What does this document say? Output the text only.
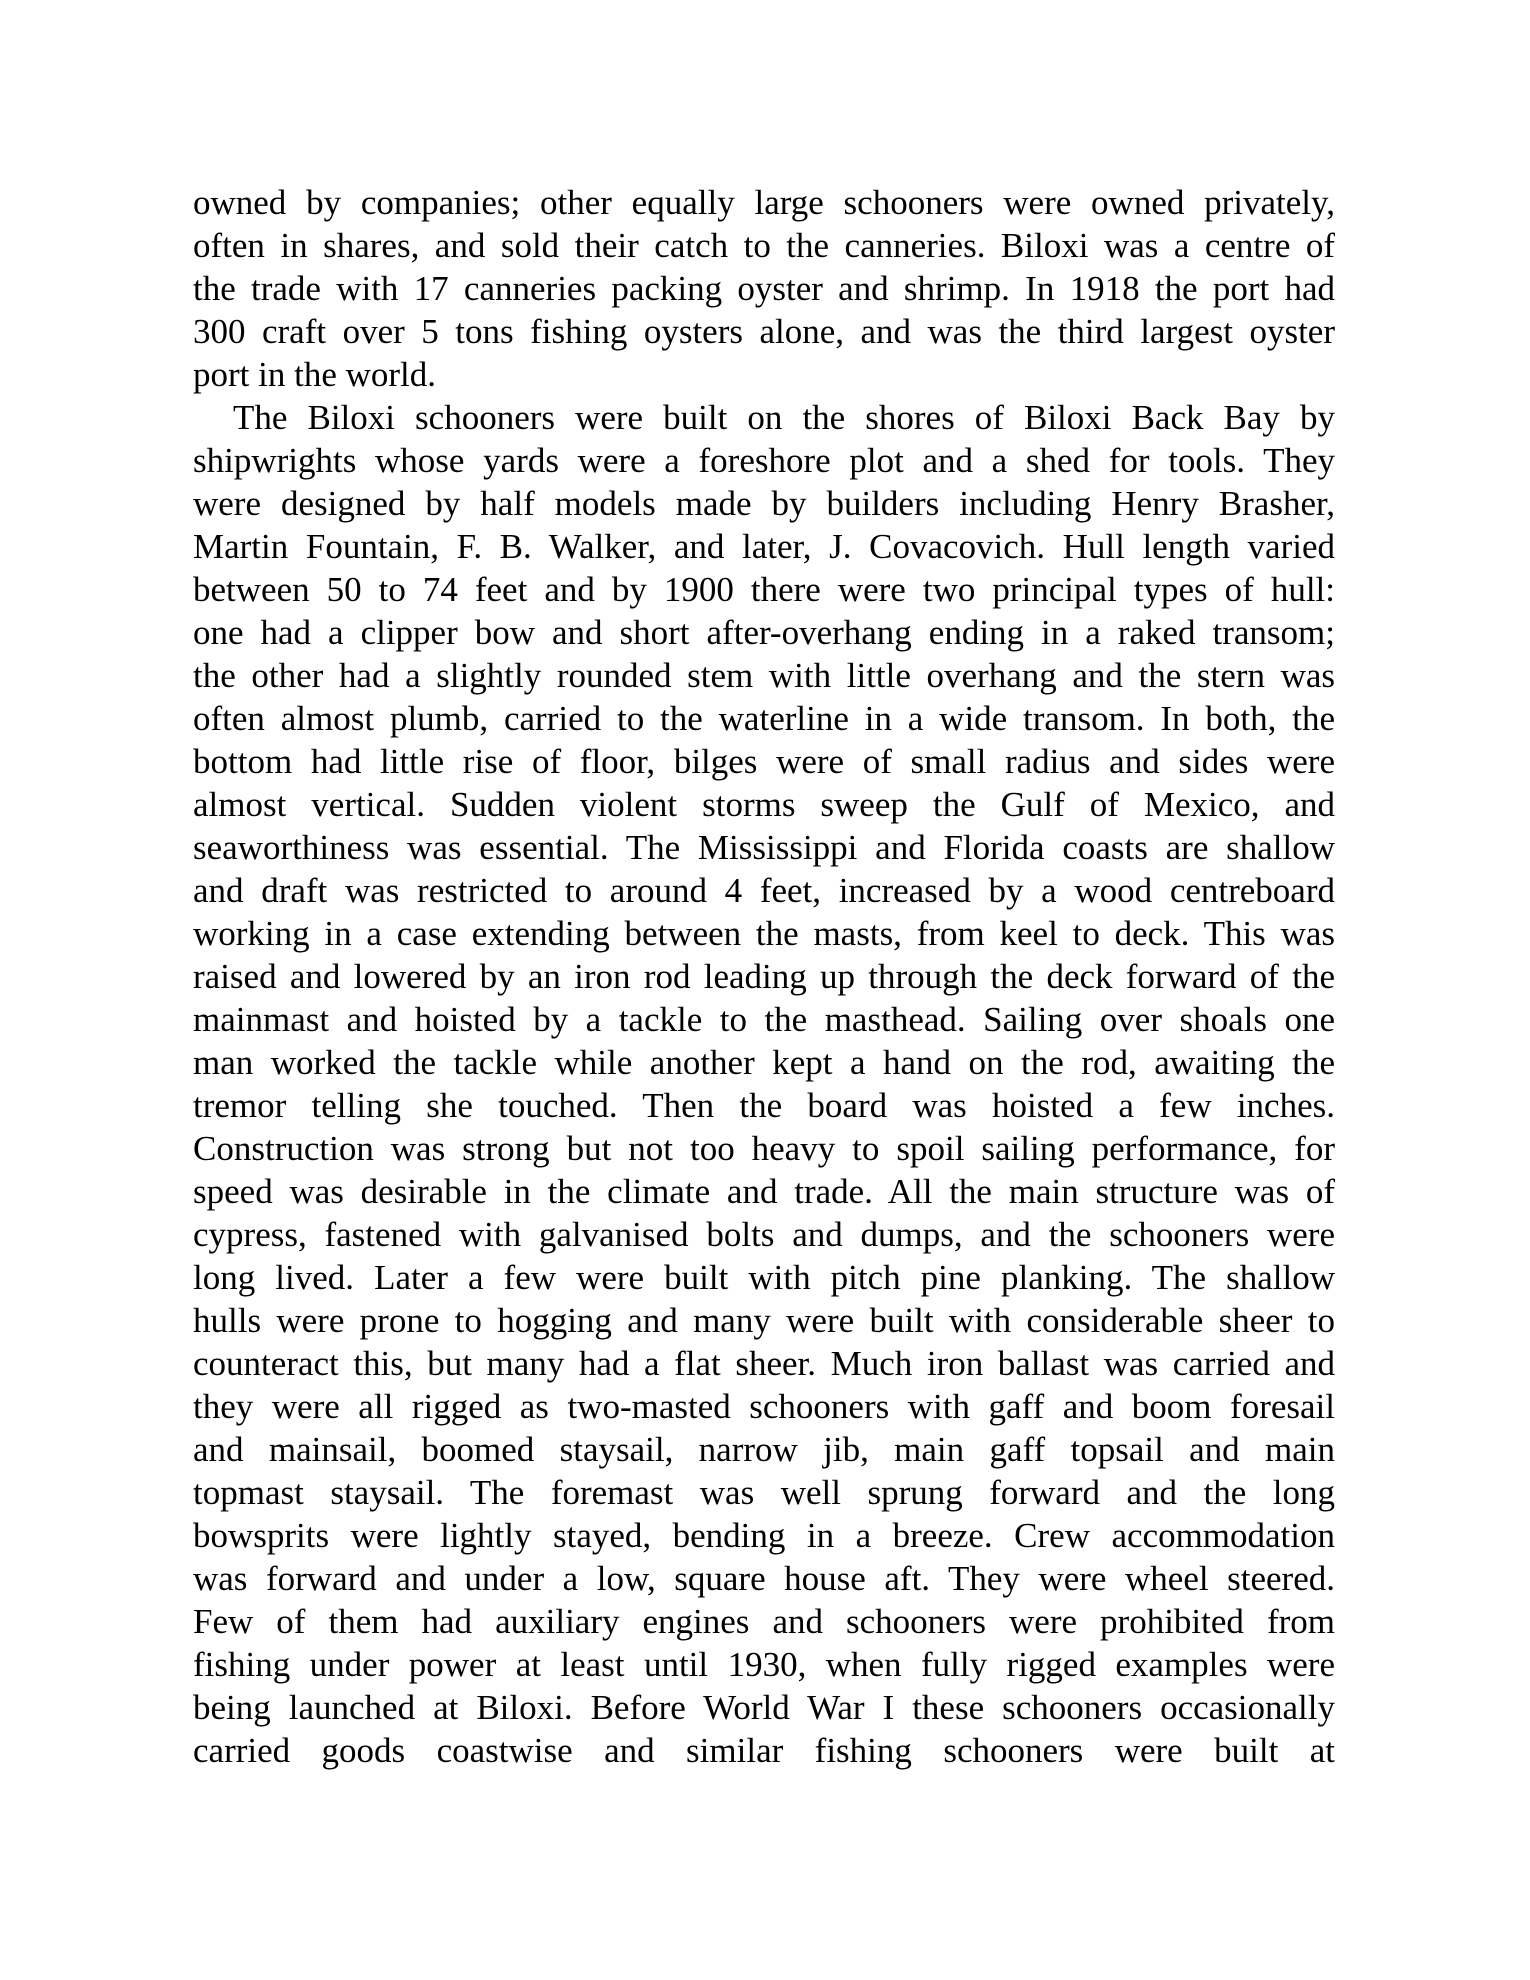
owned by companies; other equally large schooners were owned privately,
often in shares, and sold their catch to the canneries. Biloxi was a centre of
the trade with 17 canneries packing oyster and shrimp. In 1918 the port had
300 craft over 5 tons fishing oysters alone, and was the third largest oyster
port in the world.
The Biloxi schooners were built on the shores of Biloxi Back Bay by
shipwrights whose yards were a foreshore plot and a shed for tools. They
were designed by half models made by builders including Henry Brasher,
Martin Fountain, F. B. Walker, and later, J. Covacovich. Hull length varied
between 50 to 74 feet and by 1900 there were two principal types of hull:
one had a clipper bow and short after-overhang ending in a raked transom;
the other had a slightly rounded stem with little overhang and the stern was
often almost plumb, carried to the waterline in a wide transom. In both, the
bottom had little rise of floor, bilges were of small radius and sides were
almost vertical. Sudden violent storms sweep the Gulf of Mexico, and
seaworthiness was essential. The Mississippi and Florida coasts are shallow
and draft was restricted to around 4 feet, increased by a wood centreboard
working in a case extending between the masts, from keel to deck. This was
raised and lowered by an iron rod leading up through the deck forward of the
mainmast and hoisted by a tackle to the masthead. Sailing over shoals one
man worked the tackle while another kept a hand on the rod, awaiting the
tremor telling she touched. Then the board was hoisted a few inches.
Construction was strong but not too heavy to spoil sailing performance, for
speed was desirable in the climate and trade. All the main structure was of
cypress, fastened with galvanised bolts and dumps, and the schooners were
long lived. Later a few were built with pitch pine planking. The shallow
hulls were prone to hogging and many were built with considerable sheer to
counteract this, but many had a flat sheer. Much iron ballast was carried and
they were all rigged as two-masted schooners with gaff and boom foresail
and mainsail, boomed staysail, narrow jib, main gaff topsail and main
topmast staysail. The foremast was well sprung forward and the long
bowsprits were lightly stayed, bending in a breeze. Crew accommodation
was forward and under a low, square house aft. They were wheel steered.
Few of them had auxiliary engines and schooners were prohibited from
fishing under power at least until 1930, when fully rigged examples were
being launched at Biloxi. Before World War I these schooners occasionally
carried goods coastwise and similar fishing schooners were built at
